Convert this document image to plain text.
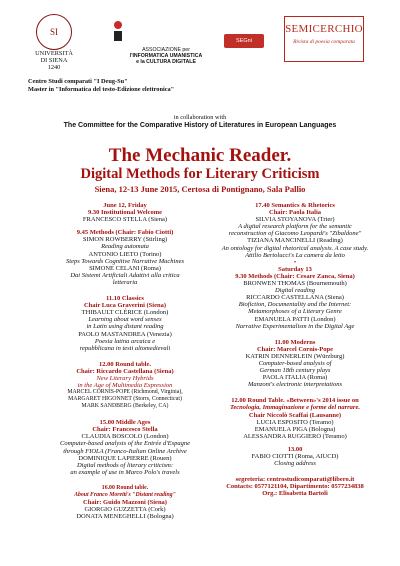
SI
UNIVERSITÀ
DI SIENA
1240
ASSOCIAZIONE per
l'INFORMATICA UMANISTICA
e la CULTURA DIGITALE
SEGni
SEMICERCHIO
Rivista di poesia comparata
Centro Studi comparati "I Deug-Su"
Master in "Informatica del testo-Edizione elettronica"
in collaboration with
The Committee for the Comparative History of Literatures in European Languages
The Mechanic Reader.
Digital Methods for Literary Criticism
Siena, 12-13 June 2015, Certosa di Pontignano, Sala Pallio

June 12, Friday

9.30 Institutional Welcome

FRANCESCO STELLA (Siena)

9.45 Methods (Chair: Fabio Ciotti)

SIMON ROWBERRY (Stirling)

Reading automata

ANTONIO LIETO (Torino)

Steps Towards Cognitive Narrative Machines

SIMONE CELANI (Roma)

Dai Sistemi Artificiali Adattivi alla critica letteraria

11.10 Classics

Chair Luca Graverini (Siena)

THIBAULT CLÉRICE (London)

Learning about word senses

in Latin using distant reading

PAOLO MASTANDREA (Venezia)

Poesia latina arcaica e

repubblicana in testi altomedievali

12.00 Round table.

Chair: Riccardo Castellana (Siena)

New Literary Hybrids

in the Age of Multimedia Expression

MARCEL CORNIS-POPE (Richmond, Virginia),

MARGARET HIGONNET (Storrs, Connecticut)

MARK SANDBERG (Berkeley, CA)

15.00 Middle Ages

Chair: Francesco Stella

CLAUDIA BOSCOLO (London)

Computer-based analysis of the Entrée d'Espagne

through FIOLA (Franco-Italian Online Archive

DOMINIQUE LAPIERRE (Rouen)

Digital methods of literary criticism:

an example of use in Marco Polo's travels

16.00 Round table.

About Franco Moretti's "Distant reading"

Chair: Guido Mazzoni (Siena)

GIORGIO GUZZETTA (Cork)

DONATA MENEGHELLI (Bologna)

17.40 Semantics & Rhetorics

Chair: Paola Italia

SILVIA STOYANOVA (Trier)

A digital research platform for the semantic

reconstruction of Giacomo Leopardi's "Zibaldone"

TIZIANA MANCINELLI (Reading)

An ontology for digital rhetorical analysis. A case study.

Attilio Bertolucci's La camera da letto

•

Saturday 13

9.30 Methods (Chair: Cesare Zanca, Siena)

BRONWEN THOMAS (Bournemouth)

Digital reading

RICCARDO CASTELLANA (Siena)

Biofiction, Documentality and the Internet:

Metamorphoses of a Literary Genre

EMANUELA PATTI (London)

Narrative Experimentalism in the Digital Age

11.00 Moderns

Chair: Marcel Cornis-Pope

KATRIN DENNERLEIN (Würzburg)

Computer-based analysis of

German 18th century plays

PAOLA ITALIA (Roma)

Manzoni's electronic interpretations

12.00 Round Table. «Between»'s 2014 issue on

Tecnologia, Immaginazione e forme del narrare.

Chair Niccolò Scaffai (Lausanne)

LUCIA ESPOSITO (Teramo)

EMANUELA PIGA (Bologna)

ALESSANDRA RUGGIERO (Teramo)

13.00

FABIO CIOTTI (Roma, AIUCD)

Closing address

segreteria: centrostudicomparati@libero.it

Contacts: 0577121104, Dipartimento: 0577234838

Org.: Elisabetta Bartoli
